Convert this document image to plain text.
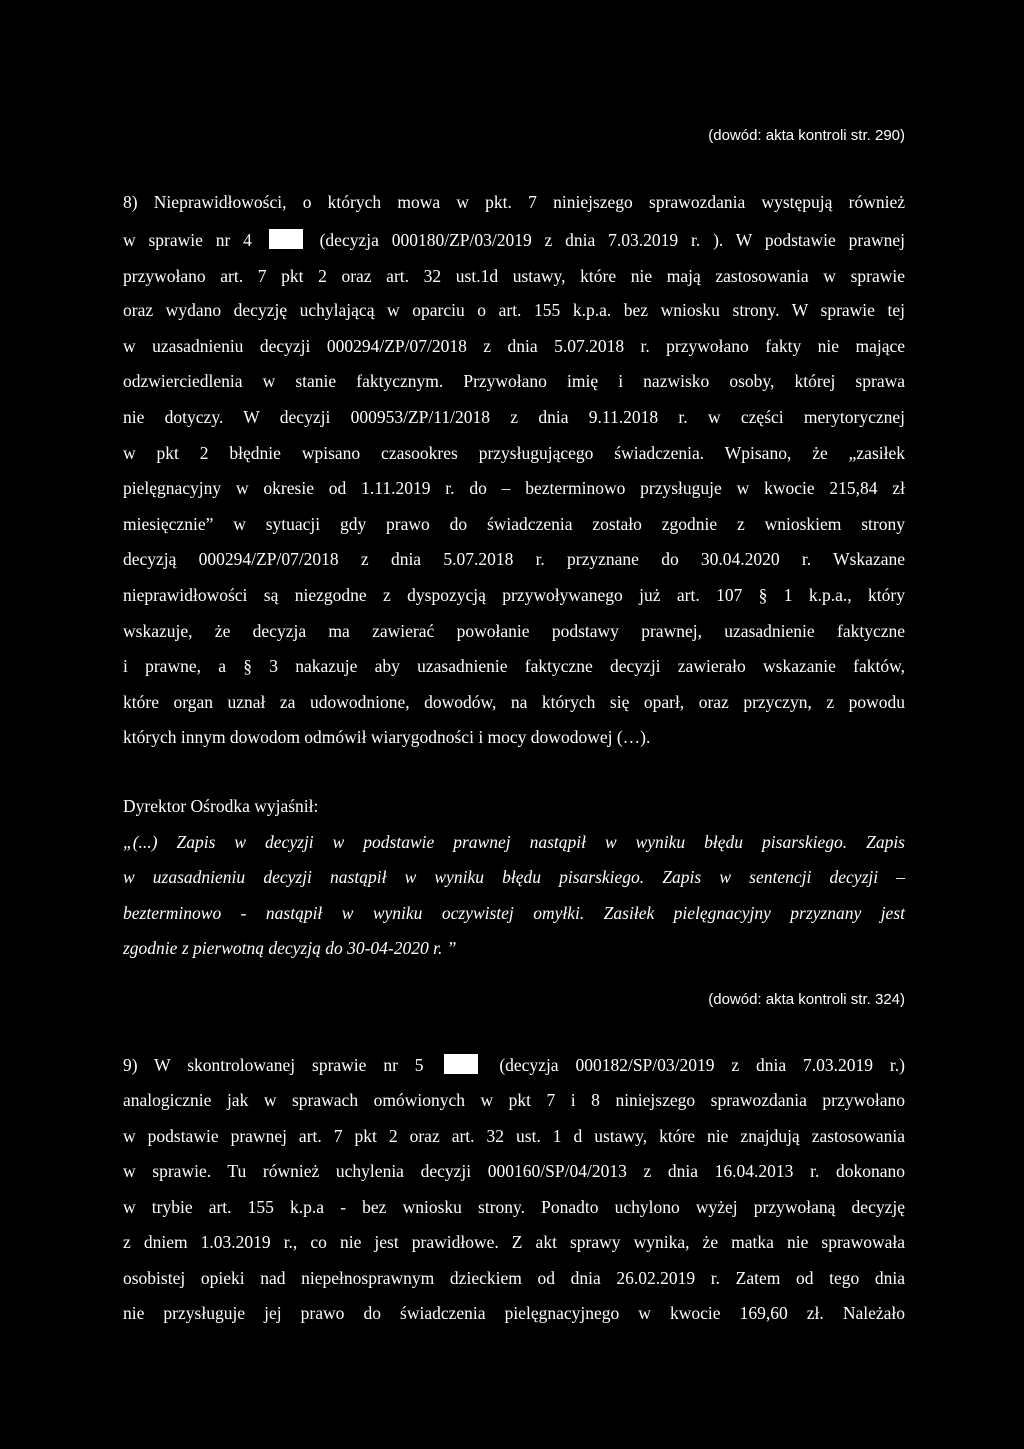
(dowód: akta kontroli str. 290)
8) Nieprawidłowości, o których mowa w pkt. 7 niniejszego sprawozdania występują również
w sprawie nr 4	(decyzja 000180/ZP/03/2019 z dnia 7.03.2019 r. ). W podstawie prawnej
przywołano art. 7 pkt 2 oraz art. 32 ust.1d ustawy, które nie mają zastosowania w sprawie
oraz wydano decyzję uchylającą w oparciu o art. 155 k.p.a. bez wniosku strony. W sprawie tej
w uzasadnieniu decyzji 000294/ZP/07/2018 z dnia 5.07.2018 r. przywołano fakty nie mające
odzwierciedlenia w stanie faktycznym. Przywołano imię i nazwisko osoby, której sprawa
nie dotyczy. W decyzji 000953/ZP/11/2018 z dnia 9.11.2018 r. w części merytorycznej
w pkt 2 błędnie wpisano czasookres przysługującego świadczenia. Wpisano, że „zasiłek
pielęgnacyjny w okresie od 1.11.2019 r. do – bezterminowo przysługuje w kwocie 215,84 zł
miesięcznie” w sytuacji gdy prawo do świadczenia zostało zgodnie z wnioskiem strony
decyzją 000294/ZP/07/2018 z dnia 5.07.2018 r. przyznane do 30.04.2020 r. Wskazane
nieprawidłowości są niezgodne z dyspozycją przywoływanego już art. 107 § 1 k.p.a., który
wskazuje, że decyzja ma zawierać powołanie podstawy prawnej, uzasadnienie faktyczne
i prawne, a § 3 nakazuje aby uzasadnienie faktyczne decyzji zawierało wskazanie faktów,
które organ uznał za udowodnione, dowodów, na których się oparł, oraz przyczyn, z powodu
których innym dowodom odmówił wiarygodności i mocy dowodowej (…).
Dyrektor Ośrodka wyjaśnił:
„(...) Zapis w decyzji w podstawie prawnej nastąpił w wyniku błędu pisarskiego. Zapis
w uzasadnieniu decyzji nastąpił w wyniku błędu pisarskiego. Zapis w sentencji decyzji –
bezterminowo - nastąpił w wyniku oczywistej omyłki. Zasiłek pielęgnacyjny przyznany jest
zgodnie z pierwotną decyzją do 30-04-2020 r. ”
(dowód: akta kontroli str. 324)
9) W skontrolowanej sprawie nr 5	(decyzja 000182/SP/03/2019 z dnia 7.03.2019 r.)
analogicznie jak w sprawach omówionych w pkt 7 i 8 niniejszego sprawozdania przywołano
w podstawie prawnej art. 7 pkt 2 oraz art. 32 ust. 1 d ustawy, które nie znajdują zastosowania
w sprawie. Tu również uchylenia decyzji 000160/SP/04/2013 z dnia 16.04.2013 r. dokonano
w trybie art. 155 k.p.a - bez wniosku strony. Ponadto uchylono wyżej przywołaną decyzję
z dniem 1.03.2019 r., co nie jest prawidłowe. Z akt sprawy wynika, że matka nie sprawowała
osobistej opieki nad niepełnosprawnym dzieckiem od dnia 26.02.2019 r. Zatem od tego dnia
nie przysługuje jej prawo do świadczenia pielęgnacyjnego w kwocie 169,60 zł. Należało
